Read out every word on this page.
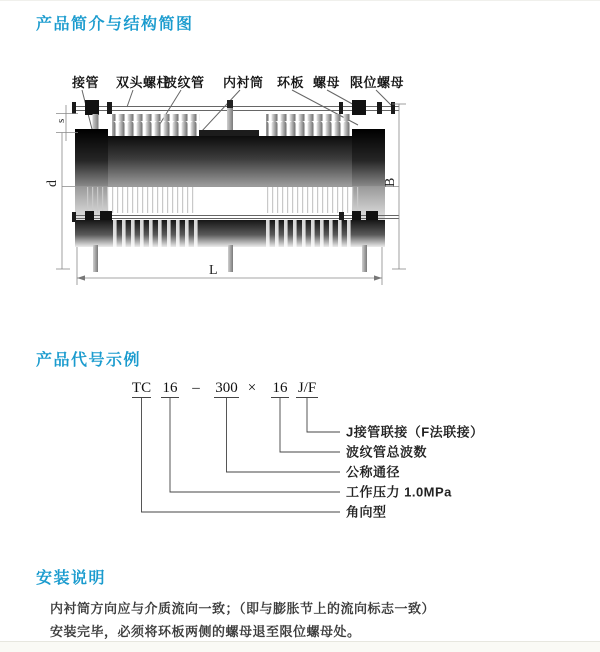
产品简介与结构简图
接管 双头螺柱
波纹管 内衬筒 环板 螺母 限位螺母
s
d	B
L
产品代号示例
TC 16 – 300 × 16 J/F
J接管联接（F法联接）
波纹管总波数
公称通径
工作压力 1.0MPa
角向型
安装说明

内衬筒方向应与介质流向一致；（即与膨胀节上的流向标志一致）

安装完毕，必须将环板两侧的螺母退至限位螺母处。
